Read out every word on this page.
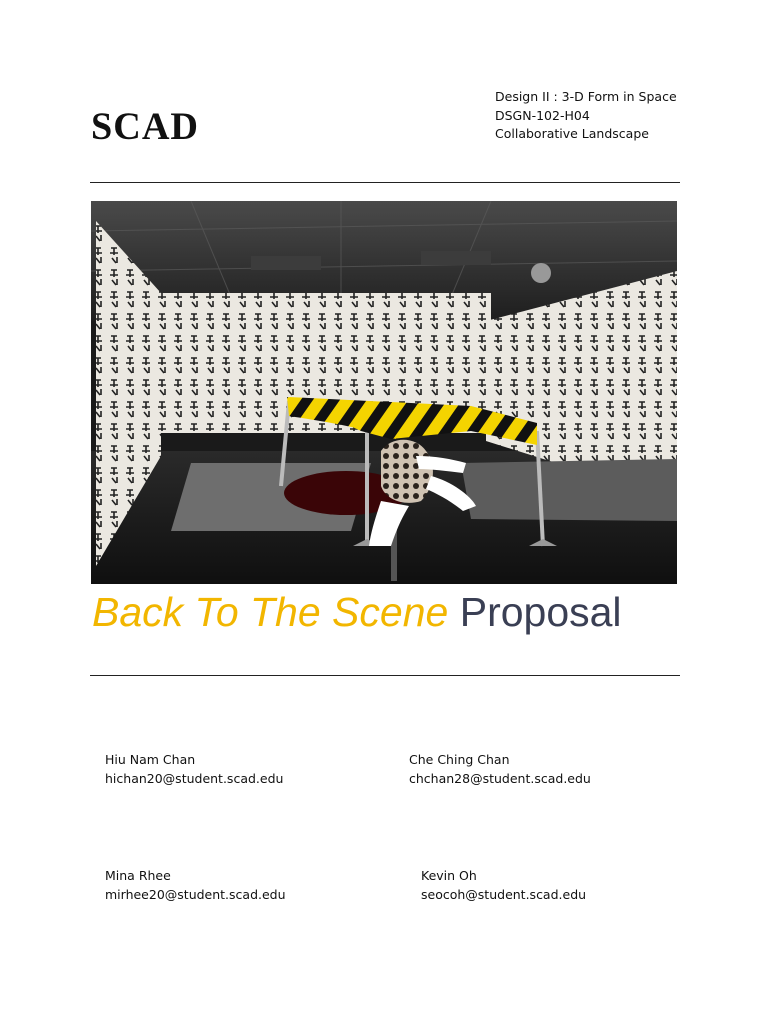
SCAD
Design II : 3-D Form in Space
DSGN-102-H04
Collaborative Landscape
Back To The Scene Proposal
Hiu Nam Chan
hichan20@student.scad.edu
Che Ching Chan
chchan28@student.scad.edu
Mina Rhee
mirhee20@student.scad.edu
Kevin Oh
seocoh@student.scad.edu
